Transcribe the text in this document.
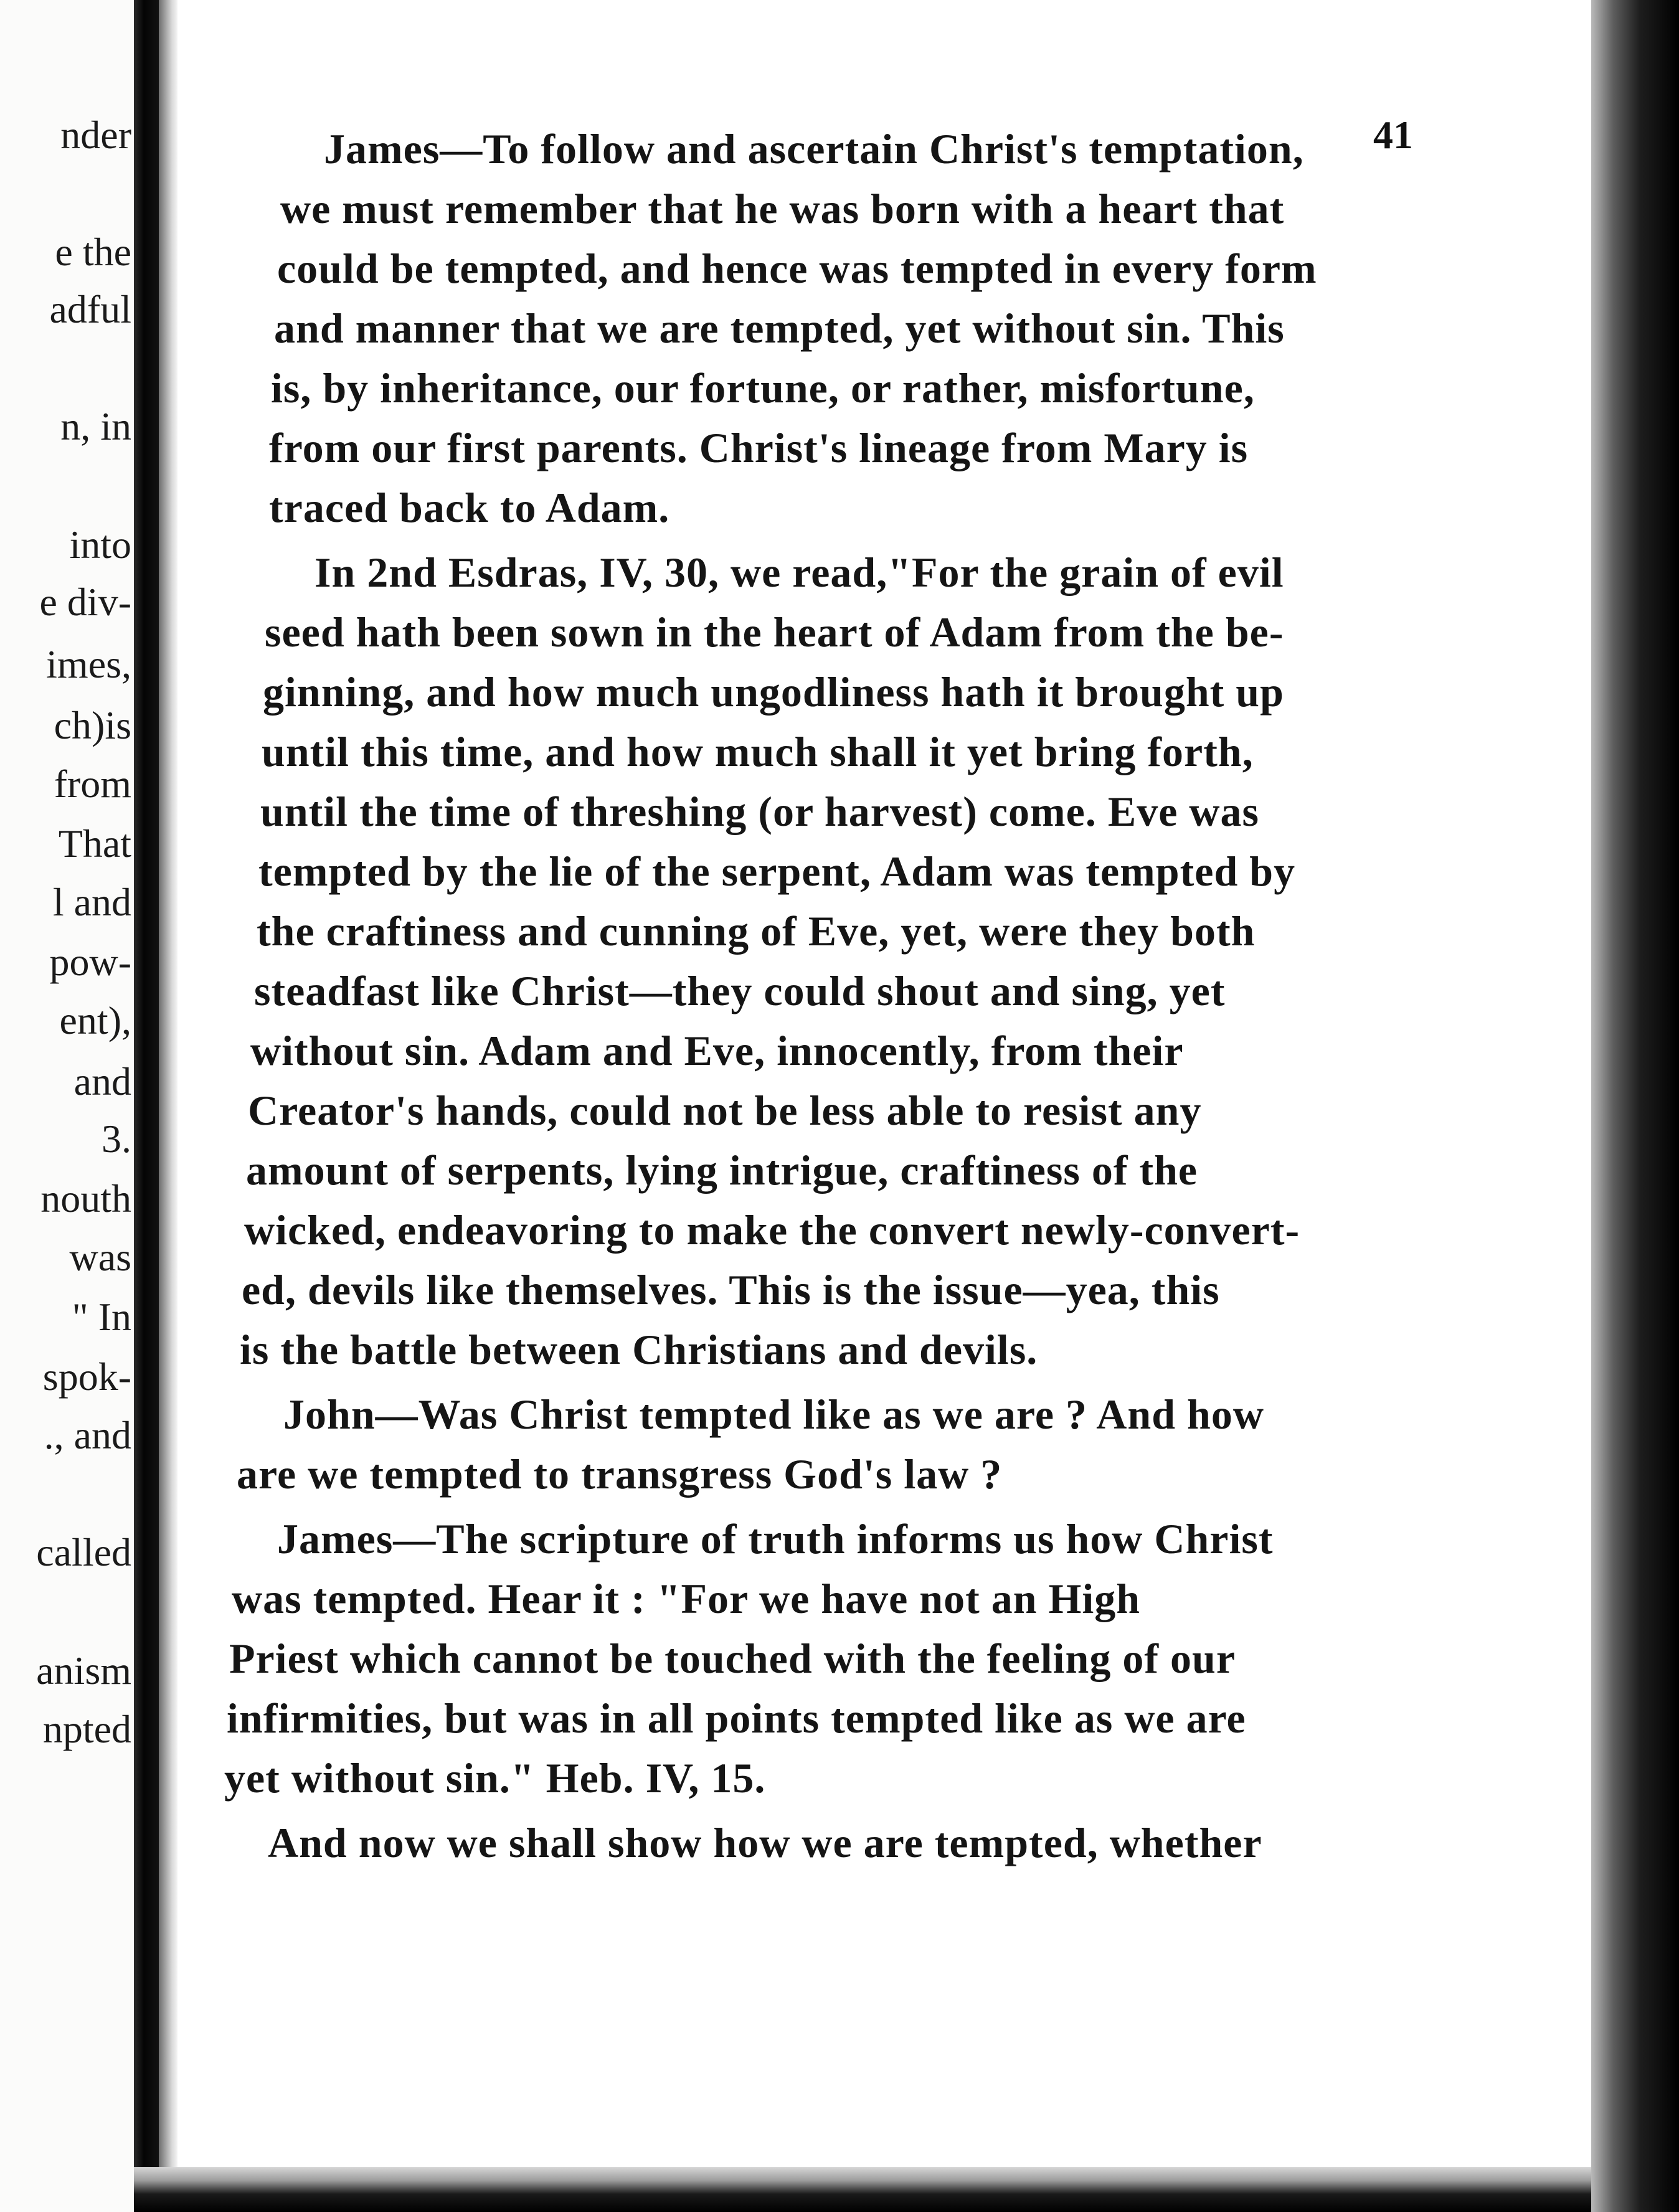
nder
e the
adful
n, in
into
e div-
imes,
ch)is
from
That
l and
pow-
ent),
and
3.
nouth
was
" In
spok-
., and
called
anism
npted
41
James—To follow and ascertain Christ's temptation,
we must remember that he was born with a heart that
could be tempted, and hence was tempted in every form
and manner that we are tempted, yet without sin. This
is, by inheritance, our fortune, or rather, misfortune,
from our first parents. Christ's lineage from Mary is
traced back to Adam.
In 2nd Esdras, IV, 30, we read,"For the grain of evil
seed hath been sown in the heart of Adam from the be-
ginning, and how much ungodliness hath it brought up
until this time, and how much shall it yet bring forth,
until the time of threshing (or harvest) come. Eve was
tempted by the lie of the serpent, Adam was tempted by
the craftiness and cunning of Eve, yet, were they both
steadfast like Christ—they could shout and sing, yet
without sin. Adam and Eve, innocently, from their
Creator's hands, could not be less able to resist any
amount of serpents, lying intrigue, craftiness of the
wicked, endeavoring to make the convert newly-convert-
ed, devils like themselves. This is the issue—yea, this
is the battle between Christians and devils.
John—Was Christ tempted like as we are ? And how
are we tempted to transgress God's law ?
James—The scripture of truth informs us how Christ
was tempted. Hear it : "For we have not an High
Priest which cannot be touched with the feeling of our
infirmities, but was in all points tempted like as we are
yet without sin." Heb. IV, 15.
And now we shall show how we are tempted, whether
